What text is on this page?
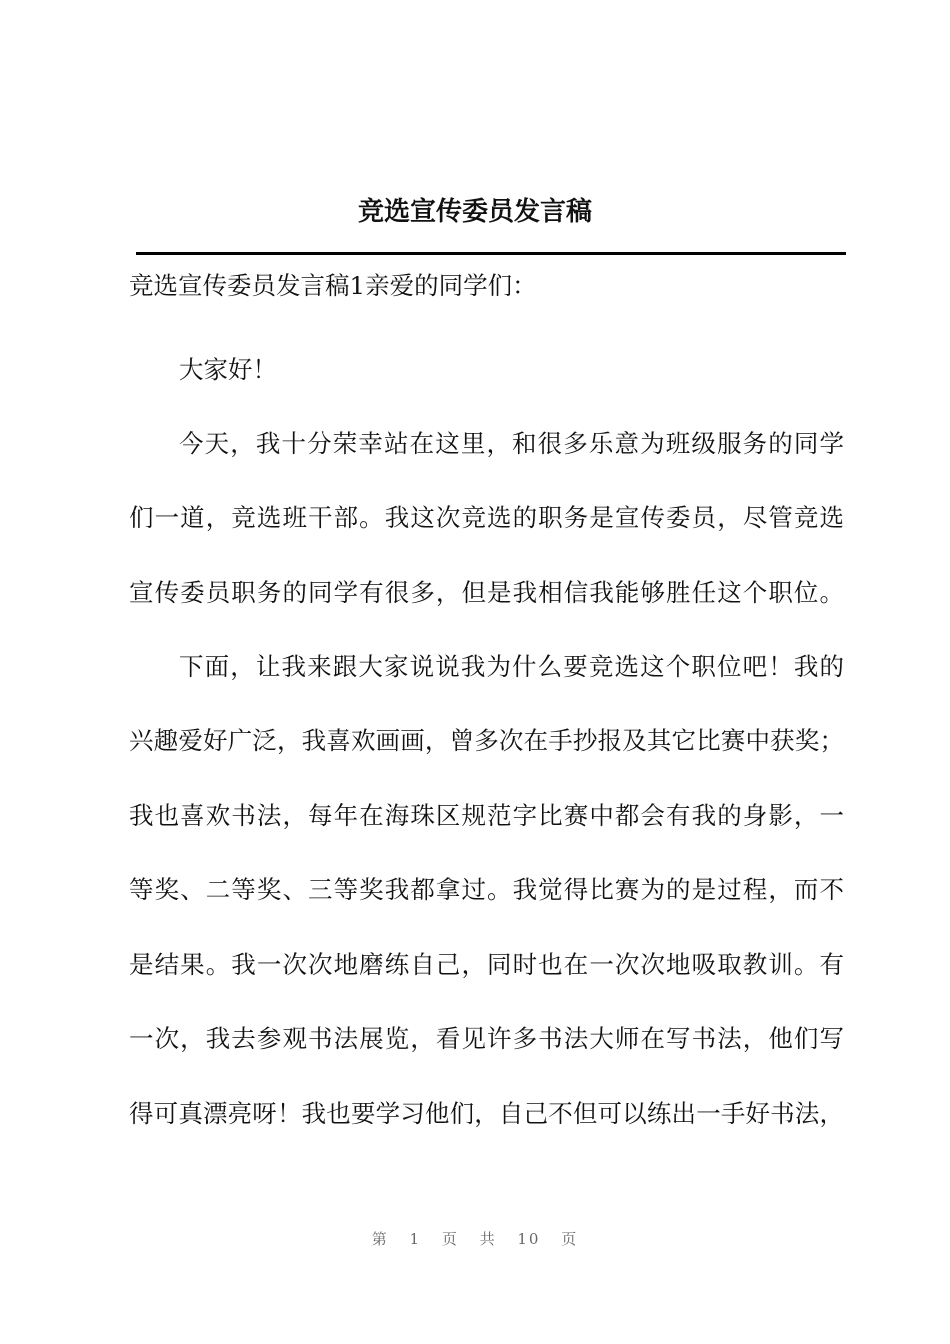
竞选宣传委员发言稿

竞选宣传委员发言稿1亲爱的同学们：

大家好！

今天，我十分荣幸站在这里，和很多乐意为班级服务的同学

们一道，竞选班干部。我这次竞选的职务是宣传委员，尽管竞选

宣传委员职务的同学有很多，但是我相信我能够胜任这个职位。

下面，让我来跟大家说说我为什么要竞选这个职位吧！我的

兴趣爱好广泛，我喜欢画画，曾多次在手抄报及其它比赛中获奖；

我也喜欢书法，每年在海珠区规范字比赛中都会有我的身影，一

等奖、二等奖、三等奖我都拿过。我觉得比赛为的是过程，而不

是结果。我一次次地磨练自己，同时也在一次次地吸取教训。有

一次，我去参观书法展览，看见许多书法大师在写书法，他们写

得可真漂亮呀！我也要学习他们，自己不但可以练出一手好书法，

第 1 页 共 10 页
